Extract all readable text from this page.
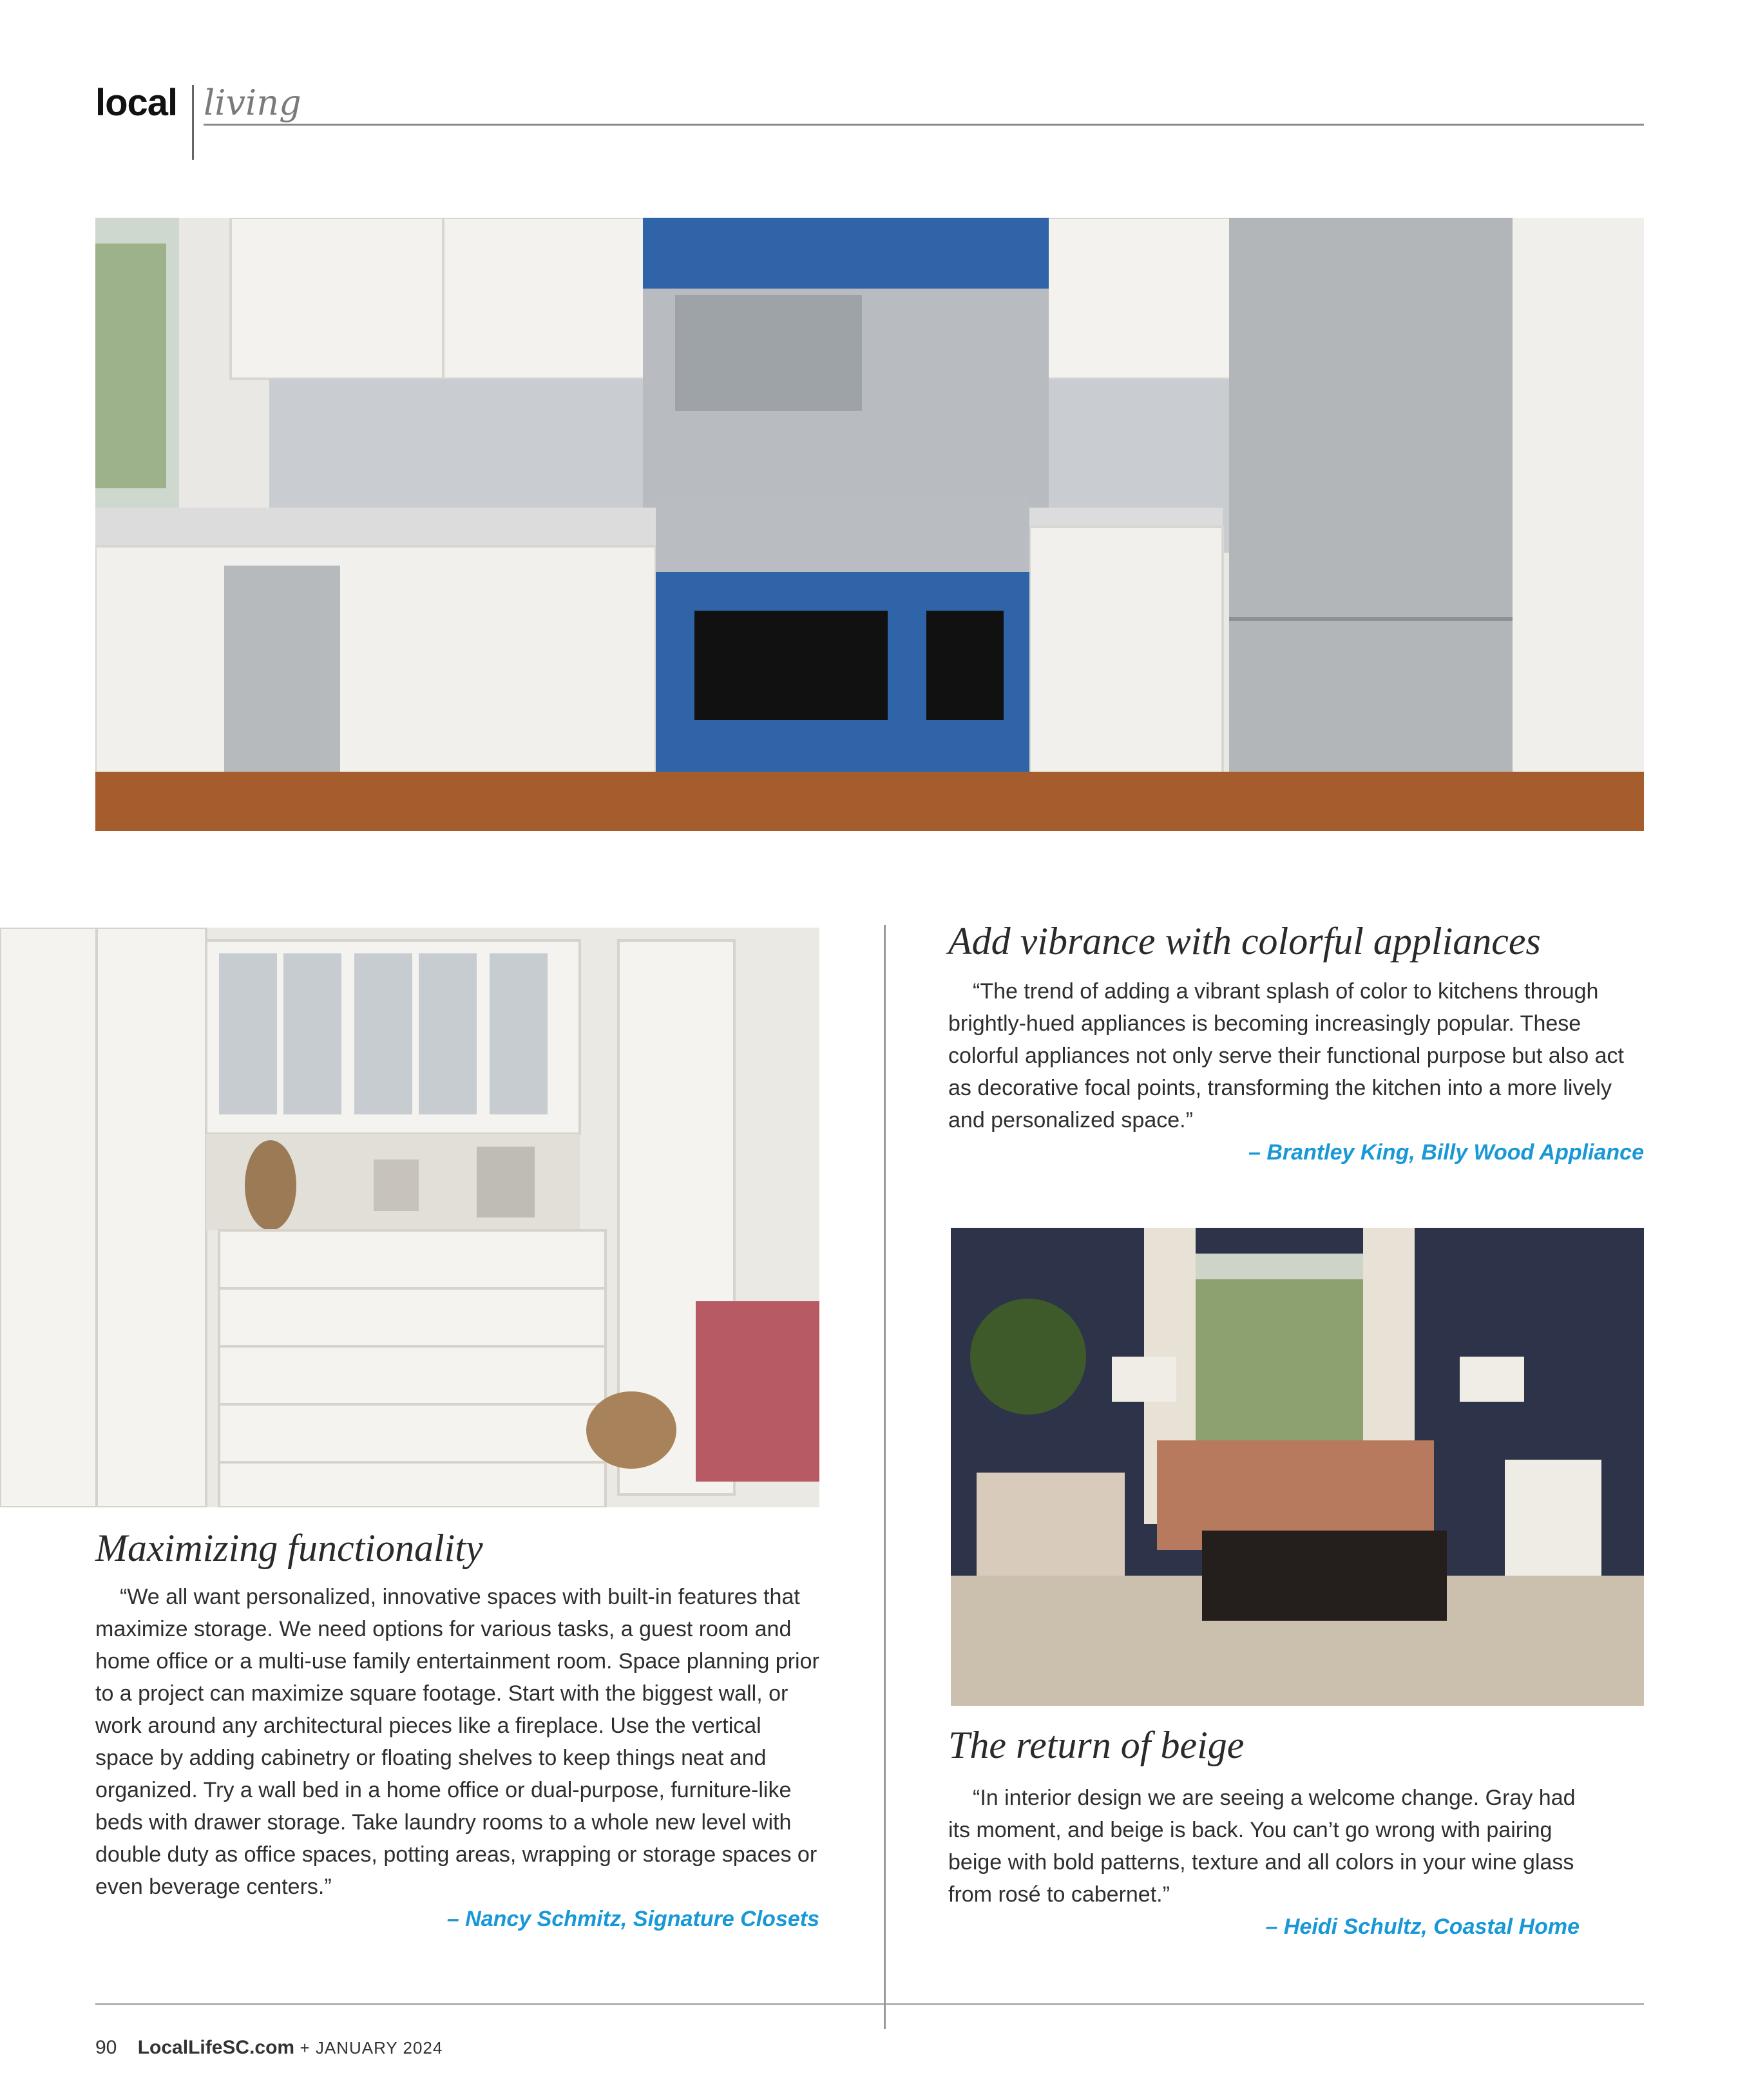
local living
Add vibrance with colorful appliances

“The trend of adding a vibrant splash of color to kitchens through brightly-hued appliances is becoming increasingly popular. These colorful appliances not only serve their functional purpose but also act as decorative focal points, transforming the kitchen into a more lively and personalized space.”

– Brantley King, Billy Wood Appliance
Maximizing functionality

“We all want personalized, innovative spaces with built-in features that maximize storage. We need options for various tasks, a guest room and home office or a multi-use family entertainment room. Space planning prior to a project can maximize square footage. Start with the biggest wall, or work around any architectural pieces like a fireplace. Use the vertical space by adding cabinetry or floating shelves to keep things neat and organized. Try a wall bed in a home office or dual-purpose, furniture-like beds with drawer storage. Take laundry rooms to a whole new level with double duty as office spaces, potting areas, wrapping or storage spaces or even beverage centers.”

– Nancy Schmitz, Signature Closets
The return of beige

“In interior design we are seeing a welcome change. Gray had its moment, and beige is back. You can’t go wrong with pairing beige with bold patterns, texture and all colors in your wine glass from rosé to cabernet.”

– Heidi Schultz, Coastal Home
90 LocalLifeSC.com + JANUARY 2024
